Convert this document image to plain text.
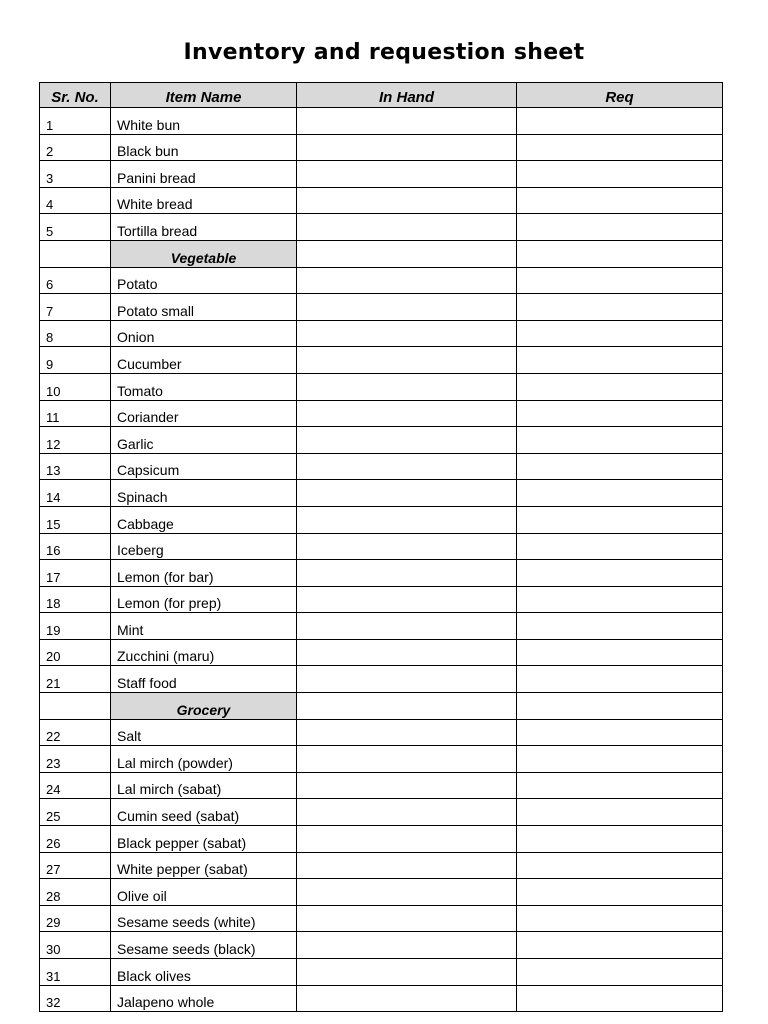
Inventory and requestion sheet
Sr. No.	Item Name	In Hand	Req
1	White bun		
2	Black bun		
3	Panini bread		
4	White bread		
5	Tortilla bread		
	Vegetable		
6	Potato		
7	Potato small		
8	Onion		
9	Cucumber		
10	Tomato		
11	Coriander		
12	Garlic		
13	Capsicum		
14	Spinach		
15	Cabbage		
16	Iceberg		
17	Lemon (for bar)		
18	Lemon (for prep)		
19	Mint		
20	Zucchini (maru)		
21	Staff food		
	Grocery		
22	Salt		
23	Lal mirch (powder)		
24	Lal mirch (sabat)		
25	Cumin seed (sabat)		
26	Black pepper (sabat)		
27	White pepper (sabat)		
28	Olive oil		
29	Sesame seeds (white)		
30	Sesame seeds (black)		
31	Black olives		
32	Jalapeno whole		
